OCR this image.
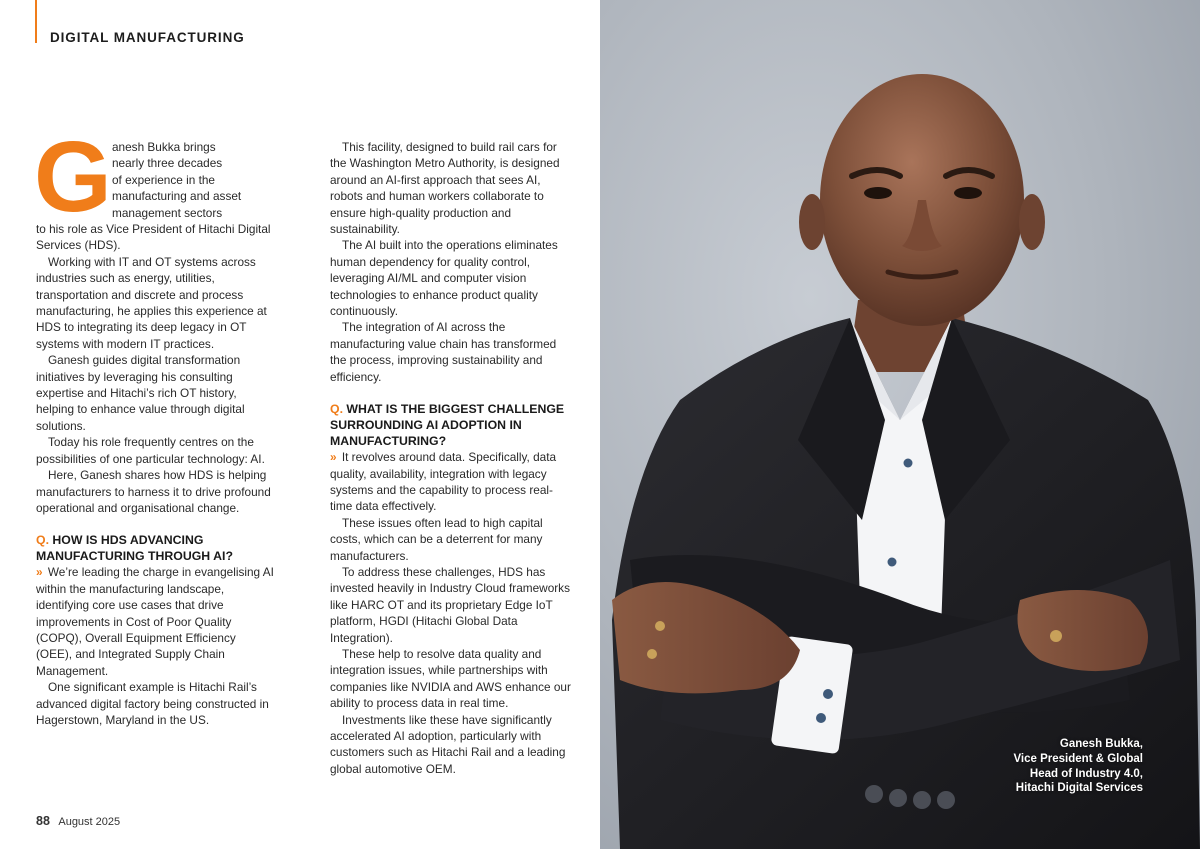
DIGITAL MANUFACTURING
G anesh Bukka brings
nearly three decades
of experience in the
manufacturing and asset
management sectors

to his role as Vice President of Hitachi Digital Services (HDS).

Working with IT and OT systems across industries such as energy, utilities, transportation and discrete and process manufacturing, he applies this experience at HDS to integrating its deep legacy in OT systems with modern IT practices.

Ganesh guides digital transformation initiatives by leveraging his consulting expertise and Hitachi’s rich OT history, helping to enhance value through digital solutions.

Today his role frequently centres on the possibilities of one particular technology: AI.

Here, Ganesh shares how HDS is helping manufacturers to harness it to drive profound operational and organisational change.

Q. HOW IS HDS ADVANCING MANUFACTURING THROUGH AI?

» We’re leading the charge in evangelising AI within the manufacturing landscape, identifying core use cases that drive improvements in Cost of Poor Quality (COPQ), Overall Equipment Efficiency (OEE), and Integrated Supply Chain Management.

One significant example is Hitachi Rail’s advanced digital factory being constructed in Hagerstown, Maryland in the US.

This facility, designed to build rail cars for the Washington Metro Authority, is designed around an AI-first approach that sees AI, robots and human workers collaborate to ensure high-quality production and sustainability.

The AI built into the operations eliminates human dependency for quality control, leveraging AI/ML and computer vision technologies to enhance product quality continuously.

The integration of AI across the manufacturing value chain has transformed the process, improving sustainability and efficiency.

Q. WHAT IS THE BIGGEST CHALLENGE SURROUNDING AI ADOPTION IN MANUFACTURING?

» It revolves around data. Specifically, data quality, availability, integration with legacy systems and the capability to process real-time data effectively.

These issues often lead to high capital costs, which can be a deterrent for many manufacturers.

To address these challenges, HDS has invested heavily in Industry Cloud frameworks like HARC OT and its proprietary Edge IoT platform, HGDI (Hitachi Global Data Integration).

These help to resolve data quality and integration issues, while partnerships with companies like NVIDIA and AWS enhance our ability to process data in real time.

Investments like these have significantly accelerated AI adoption, particularly with customers such as Hitachi Rail and a leading global automotive OEM.

88 August 2025
Ganesh Bukka,
Vice President & Global
Head of Industry 4.0,
Hitachi Digital Services
